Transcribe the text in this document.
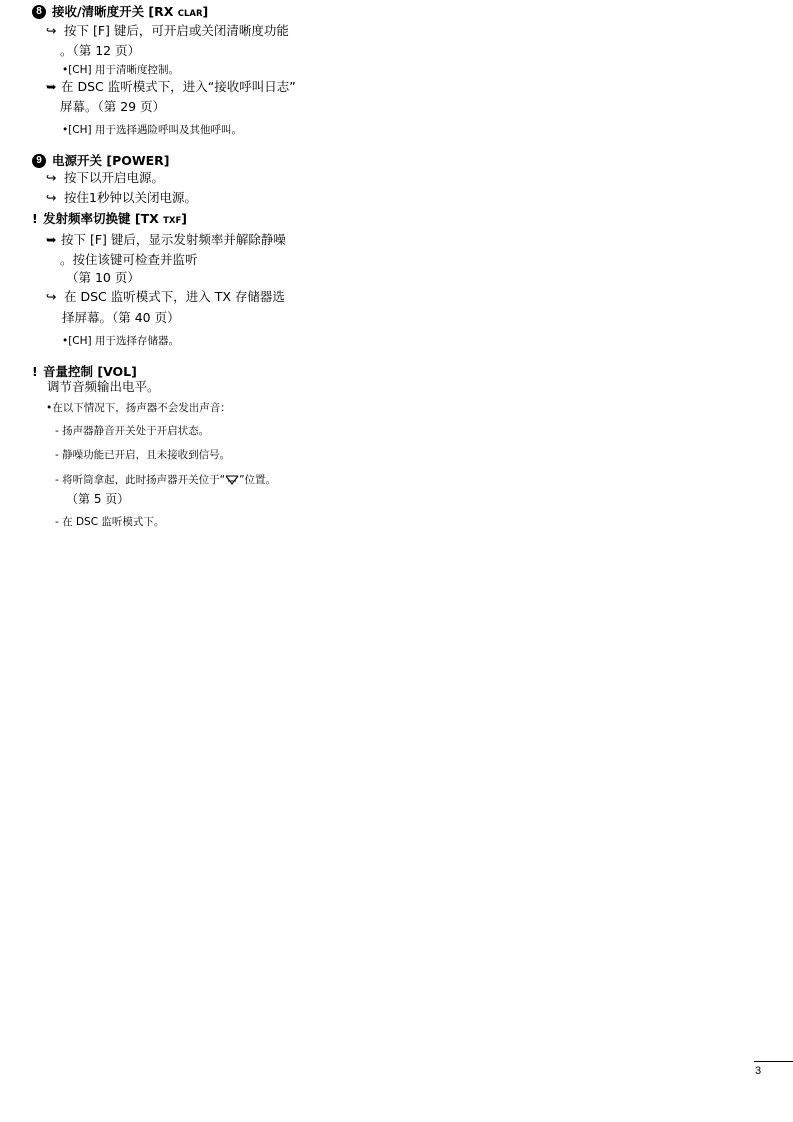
8 接收/清晰度开关 [RX CLAR]
↪ 按下 [F] 键后，可开启或关闭清晰度功能
。（第 12 页）
•[CH] 用于清晰度控制。
➥ 在 DSC 监听模式下，进入“接收呼叫日志”
屏幕。（第 29 页）
•[CH] 用于选择遇险呼叫及其他呼叫。
9 电源开关 [POWER]
↪ 按下以开启电源。
↪ 按住1秒钟以关闭电源。
! 发射频率切换键 [TX TXF]
➥ 按下 [F] 键后，显示发射频率并解除静噪
。按住该键可检查并监听
（第 10 页）
↪ 在 DSC 监听模式下，进入 TX 存储器选
择屏幕。（第 40 页）
•[CH] 用于选择存储器。
! 音量控制 [VOL]
调节音频输出电平。
•在以下情况下，扬声器不会发出声音：
- 扬声器静音开关处于开启状态。
- 静噪功能已开启，且未接收到信号。
- 将听筒拿起，此时扬声器开关位于“ ”位置。
（第 5 页）
- 在 DSC 监听模式下。
3
